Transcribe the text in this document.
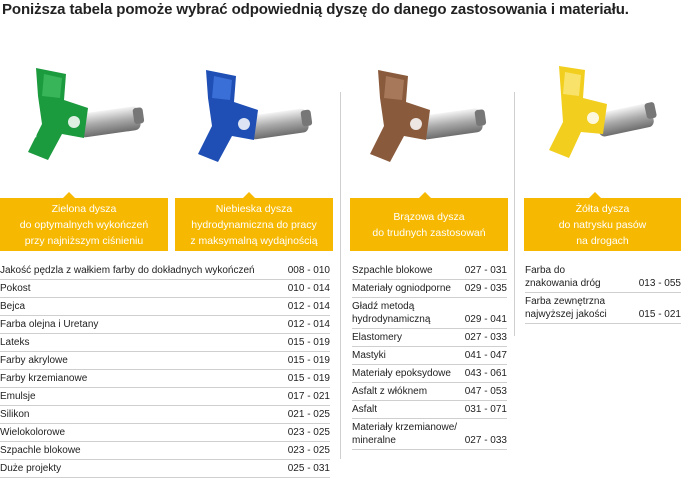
Poniższa tabela pomoże wybrać odpowiednią dyszę do danego zastosowania i materiału.
LP
Zielona dysza
do optymalnych wykończeń
przy najniższym ciśnieniu
Niebieska dysza
hydrodynamiczna do pracy
z maksymalną wydajnością
Brązowa dysza
do trudnych zastosowań
Żółta dysza
do natrysku pasów
na drogach
Jakość pędzla z wałkiem farby do dokładnych wykończeń	008 - 010
Pokost	010 - 014
Bejca	012 - 014
Farba olejna i Uretany	012 - 014
Lateks	015 - 019
Farby akrylowe	015 - 019
Farby krzemianowe	015 - 019
Emulsje	017 - 021
Silikon	021 - 025
Wielokolorowe	023 - 025
Szpachle blokowe	023 - 025
Duże projekty	025 - 031
Szpachle blokowe	027 - 031
Materiały ogniodporne	029 - 035
Gładź metodą
hydrodynamiczną	029 - 041
Elastomery	027 - 033
Mastyki	041 - 047
Materiały epoksydowe	043 - 061
Asfalt z włóknem	047 - 053
Asfalt	031 - 071
Materiały krzemianowe/
mineralne	027 - 033
Farba do
znakowania dróg	013 - 055
Farba zewnętrzna
najwyższej jakości	015 - 021
